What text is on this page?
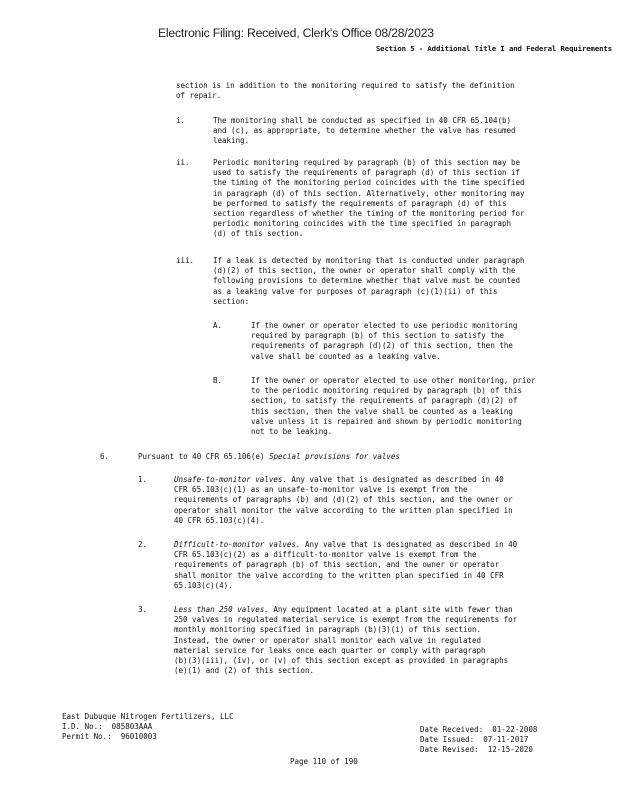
Electronic Filing: Received, Clerk's Office 08/28/2023
Section 5 - Additional Title I and Federal Requirements
section is in addition to the monitoring required to satisfy the definition
of repair.
i.	The monitoring shall be conducted as specified in 40 CFR 65.104(b)
and (c), as appropriate, to determine whether the valve has resumed
leaking.
ii.	Periodic monitoring required by paragraph (b) of this section may be
used to satisfy the requirements of paragraph (d) of this section if
the timing of the monitoring period coincides with the time specified
in paragraph (d) of this section. Alternatively, other monitoring may
be performed to satisfy the requirements of paragraph (d) of this
section regardless of whether the timing of the monitoring period for
periodic monitoring coincides with the time specified in paragraph
(d) of this section.
iii.	If a leak is detected by monitoring that is conducted under paragraph
(d)(2) of this section, the owner or operator shall comply with the
following provisions to determine whether that valve must be counted
as a leaking valve for purposes of paragraph (c)(1)(ii) of this
section:
A.	If the owner or operator elected to use periodic monitoring
required by paragraph (b) of this section to satisfy the
requirements of paragraph (d)(2) of this section, then the
valve shall be counted as a leaking valve.
B.	If the owner or operator elected to use other monitoring, prior
to the periodic monitoring required by paragraph (b) of this
section, to satisfy the requirements of paragraph (d)(2) of
this section, then the valve shall be counted as a leaking
valve unless it is repaired and shown by periodic monitoring
not to be leaking.
6.	Pursuant to 40 CFR 65.106(e) Special provisions for valves
1.	Unsafe-to-monitor valves. Any valve that is designated as described in 40
CFR 65.103(c)(1) as an unsafe-to-monitor valve is exempt from the
requirements of paragraphs (b) and (d)(2) of this section, and the owner or
operator shall monitor the valve according to the written plan specified in
40 CFR 65.103(c)(4).
2.	Difficult-to-monitor valves. Any valve that is designated as described in 40
CFR 65.103(c)(2) as a difficult-to-monitor valve is exempt from the
requirements of paragraph (b) of this section, and the owner or operator
shall monitor the valve according to the written plan specified in 40 CFR
65.103(c)(4).
3.	Less than 250 valves. Any equipment located at a plant site with fewer than
250 valves in regulated material service is exempt from the requirements for
monthly monitoring specified in paragraph (b)(3)(i) of this section.
Instead, the owner or operator shall monitor each valve in regulated
material service for leaks once each quarter or comply with paragraph
(b)(3)(iii), (iv), or (v) of this section except as provided in paragraphs
(e)(1) and (2) of this section.
East Dubuque Nitrogen Fertilizers, LLC
I.D. No.:  085803AAA
Permit No.:  96010003
Date Received:  01-22-2008
Date Issued:  07-11-2017
Date Revised:  12-15-2020
Page 110 of 190
